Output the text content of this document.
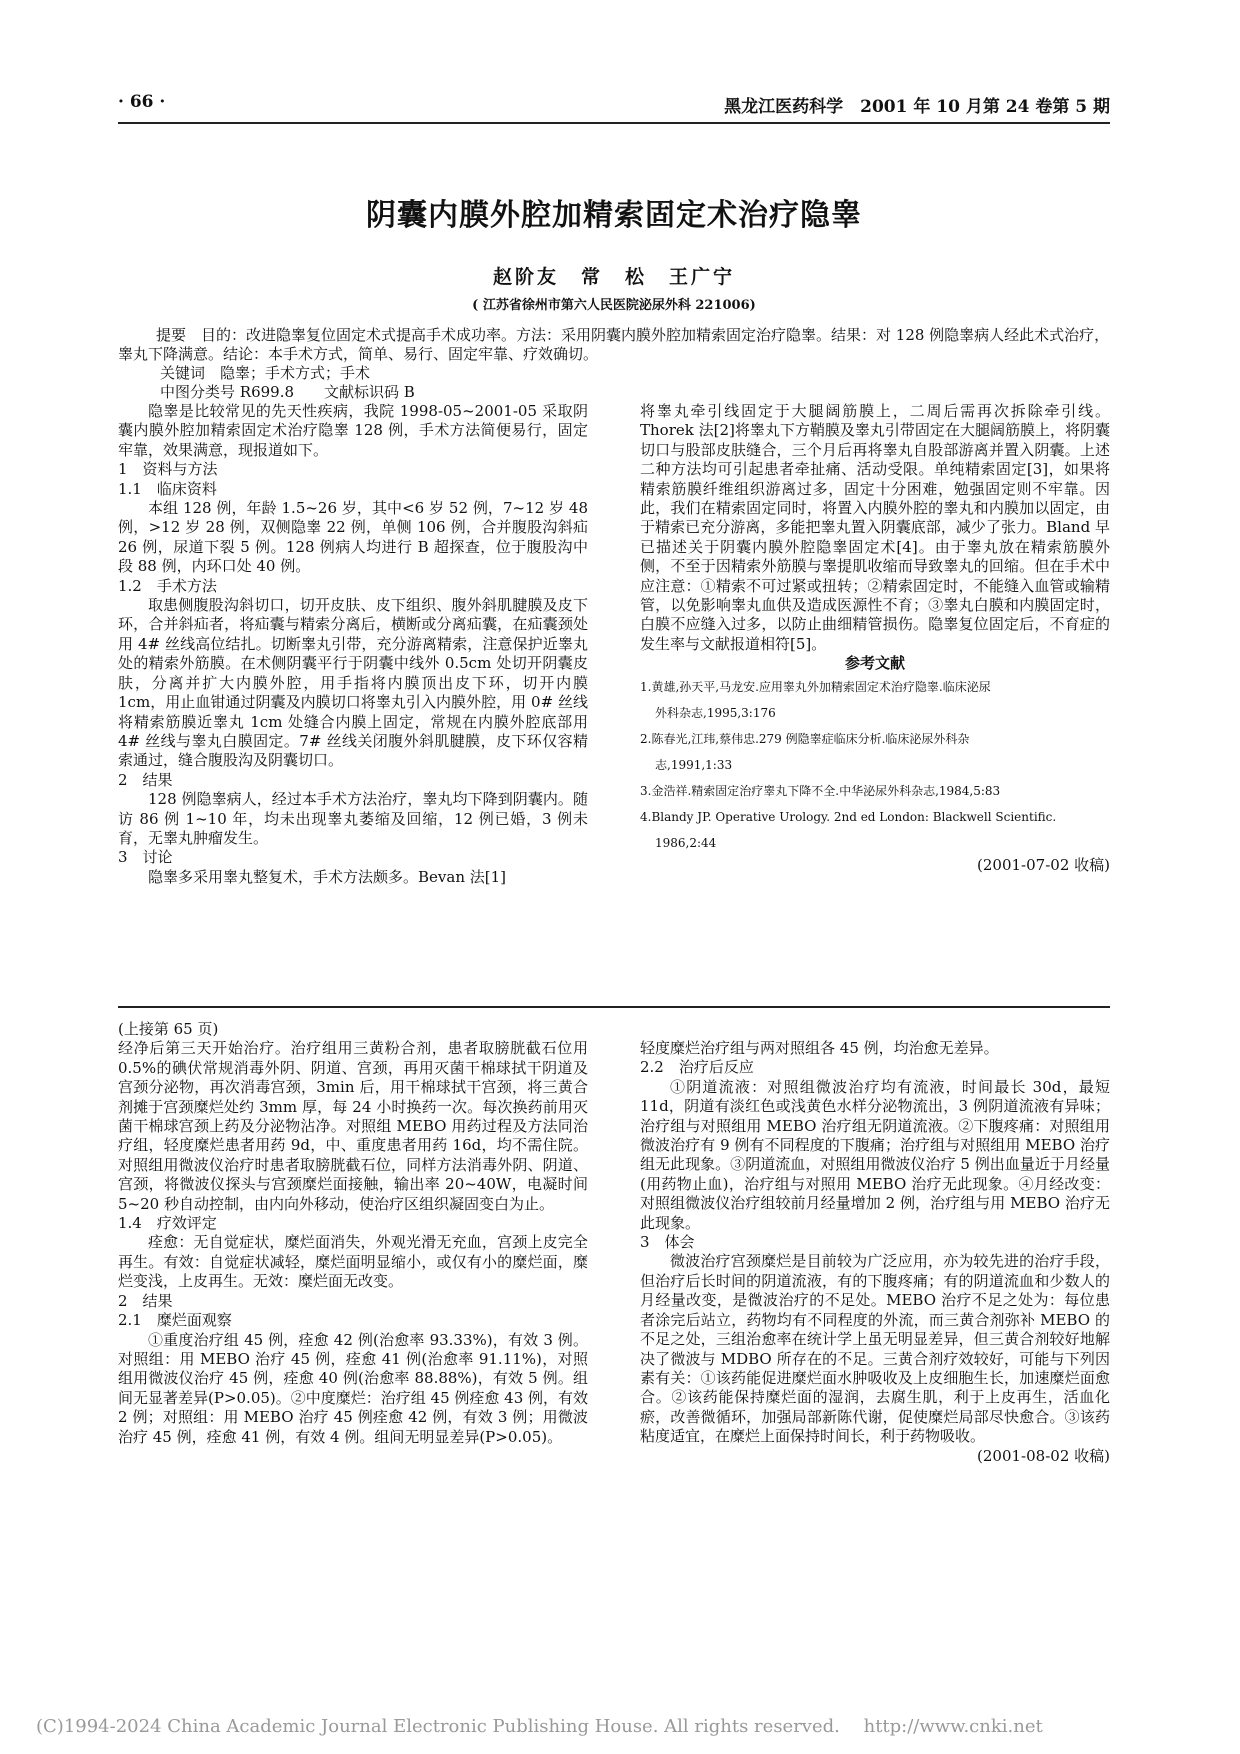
· 66 ·	黑龙江医药科学　2001 年 10 月第 24 卷第 5 期
阴囊内膜外腔加精索固定术治疗隐睾
赵阶友　常　松　王广宁
( 江苏省徐州市第六人民医院泌尿外科 221006)

提要　目的：改进隐睾复位固定术式提高手术成功率。方法：采用阴囊内膜外腔加精索固定治疗隐睾。结果：对 128 例隐睾病人经此术式治疗，睾丸下降满意。结论：本手术方式，简单、易行、固定牢靠、疗效确切。

关键词　隐睾；手术方式；手术

中图分类号 R699.8　　文献标识码 B

隐睾是比较常见的先天性疾病，我院 1998-05~2001-05 采取阴囊内膜外腔加精索固定术治疗隐睾 128 例，手术方法简便易行，固定牢靠，效果满意，现报道如下。

1　资料与方法

1.1　临床资料

本组 128 例，年龄 1.5~26 岁，其中<6 岁 52 例，7~12 岁 48 例，>12 岁 28 例，双侧隐睾 22 例，单侧 106 例，合并腹股沟斜疝 26 例，尿道下裂 5 例。128 例病人均进行 B 超探查，位于腹股沟中段 88 例，内环口处 40 例。

1.2　手术方法

取患侧腹股沟斜切口，切开皮肤、皮下组织、腹外斜肌腱膜及皮下环，合并斜疝者，将疝囊与精索分离后，横断或分离疝囊，在疝囊颈处用 4# 丝线高位结扎。切断睾丸引带，充分游离精索，注意保护近睾丸处的精索外筋膜。在术侧阴囊平行于阴囊中线外 0.5cm 处切开阴囊皮肤，分离并扩大内膜外腔，用手指将内膜顶出皮下环，切开内膜 1cm，用止血钳通过阴囊及内膜切口将睾丸引入内膜外腔，用 0# 丝线将精索筋膜近睾丸 1cm 处缝合内膜上固定，常规在内膜外腔底部用 4# 丝线与睾丸白膜固定。7# 丝线关闭腹外斜肌腱膜，皮下环仅容精索通过，缝合腹股沟及阴囊切口。

2　结果

128 例隐睾病人，经过本手术方法治疗，睾丸均下降到阴囊内。随访 86 例 1~10 年，均未出现睾丸萎缩及回缩，12 例已婚，3 例未育，无睾丸肿瘤发生。

3　讨论

隐睾多采用睾丸整复术，手术方法颇多。Bevan 法[1]

将睾丸牵引线固定于大腿阔筋膜上，二周后需再次拆除牵引线。Thorek 法[2]将睾丸下方鞘膜及睾丸引带固定在大腿阔筋膜上，将阴囊切口与股部皮肤缝合，三个月后再将睾丸自股部游离并置入阴囊。上述二种方法均可引起患者牵扯痛、活动受限。单纯精索固定[3]，如果将精索筋膜纤维组织游离过多，固定十分困难，勉强固定则不牢靠。因此，我们在精索固定同时，将置入内膜外腔的睾丸和内膜加以固定，由于精索已充分游离，多能把睾丸置入阴囊底部，减少了张力。Bland 早已描述关于阴囊内膜外腔隐睾固定术[4]。由于睾丸放在精索筋膜外侧，不至于因精索外筋膜与睾提肌收缩而导致睾丸的回缩。但在手术中应注意：①精索不可过紧或扭转；②精索固定时，不能缝入血管或输精管，以免影响睾丸血供及造成医源性不育；③睾丸白膜和内膜固定时，白膜不应缝入过多，以防止曲细精管损伤。隐睾复位固定后，不育症的发生率与文献报道相符[5]。

参考文献

1.黄雄,孙天平,马龙安.应用睾丸外加精索固定术治疗隐睾.临床泌尿

外科杂志,1995,3:176

2.陈春光,江玮,蔡伟忠.279 例隐睾症临床分析.临床泌尿外科杂

志,1991,1:33

3.金浩祥.精索固定治疗睾丸下降不全.中华泌尿外科杂志,1984,5:83

4.Blandy JP. Operative Urology. 2nd ed London: Blackwell Scientific.

1986,2:44

(2001-07-02 收稿)

(上接第 65 页)

经净后第三天开始治疗。治疗组用三黄粉合剂，患者取膀胱截石位用 0.5%的碘伏常规消毒外阴、阴道、宫颈，再用灭菌干棉球拭干阴道及宫颈分泌物，再次消毒宫颈，3min 后，用干棉球拭干宫颈，将三黄合剂摊于宫颈糜烂处约 3mm 厚，每 24 小时换药一次。每次换药前用灭菌干棉球宫颈上药及分泌物沾净。对照组 MEBO 用药过程及方法同治疗组，轻度糜烂患者用药 9d，中、重度患者用药 16d，均不需住院。对照组用微波仪治疗时患者取膀胱截石位，同样方法消毒外阴、阴道、宫颈，将微波仪探头与宫颈糜烂面接触，输出率 20~40W，电凝时间 5~20 秒自动控制，由内向外移动，使治疗区组织凝固变白为止。

1.4　疗效评定

痊愈：无自觉症状，糜烂面消失，外观光滑无充血，宫颈上皮完全再生。有效：自觉症状减轻，糜烂面明显缩小，或仅有小的糜烂面，糜烂变浅，上皮再生。无效：糜烂面无改变。

2　结果

2.1　糜烂面观察

①重度治疗组 45 例，痊愈 42 例(治愈率 93.33%)，有效 3 例。对照组：用 MEBO 治疗 45 例，痊愈 41 例(治愈率 91.11%)，对照组用微波仪治疗 45 例，痊愈 40 例(治愈率 88.88%)，有效 5 例。组间无显著差异(P>0.05)。②中度糜烂：治疗组 45 例痊愈 43 例，有效 2 例；对照组：用 MEBO 治疗 45 例痊愈 42 例，有效 3 例；用微波治疗 45 例，痊愈 41 例，有效 4 例。组间无明显差异(P>0.05)。

轻度糜烂治疗组与两对照组各 45 例，均治愈无差异。

2.2　治疗后反应

①阴道流液：对照组微波治疗均有流液，时间最长 30d，最短 11d，阴道有淡红色或浅黄色水样分泌物流出，3 例阴道流液有异味；治疗组与对照组用 MEBO 治疗组无阴道流液。②下腹疼痛：对照组用微波治疗有 9 例有不同程度的下腹痛；治疗组与对照组用 MEBO 治疗组无此现象。③阴道流血，对照组用微波仪治疗 5 例出血量近于月经量(用药物止血)，治疗组与对照用 MEBO 治疗无此现象。④月经改变：对照组微波仪治疗组较前月经量增加 2 例，治疗组与用 MEBO 治疗无此现象。

3　体会

微波治疗宫颈糜烂是目前较为广泛应用，亦为较先进的治疗手段，但治疗后长时间的阴道流液，有的下腹疼痛；有的阴道流血和少数人的月经量改变，是微波治疗的不足处。MEBO 治疗不足之处为：每位患者涂完后站立，药物均有不同程度的外流，而三黄合剂弥补 MEBO 的不足之处，三组治愈率在统计学上虽无明显差异，但三黄合剂较好地解决了微波与 MDBO 所存在的不足。三黄合剂疗效较好，可能与下列因素有关：①该药能促进糜烂面水肿吸收及上皮细胞生长，加速糜烂面愈合。②该药能保持糜烂面的湿润，去腐生肌，利于上皮再生，活血化瘀，改善微循环，加强局部新陈代谢，促使糜烂局部尽快愈合。③该药粘度适宜，在糜烂上面保持时间长，利于药物吸收。

(2001-08-02 收稿)

(C)1994-2024 China Academic Journal Electronic Publishing House. All rights reserved.　 http://www.cnki.net
